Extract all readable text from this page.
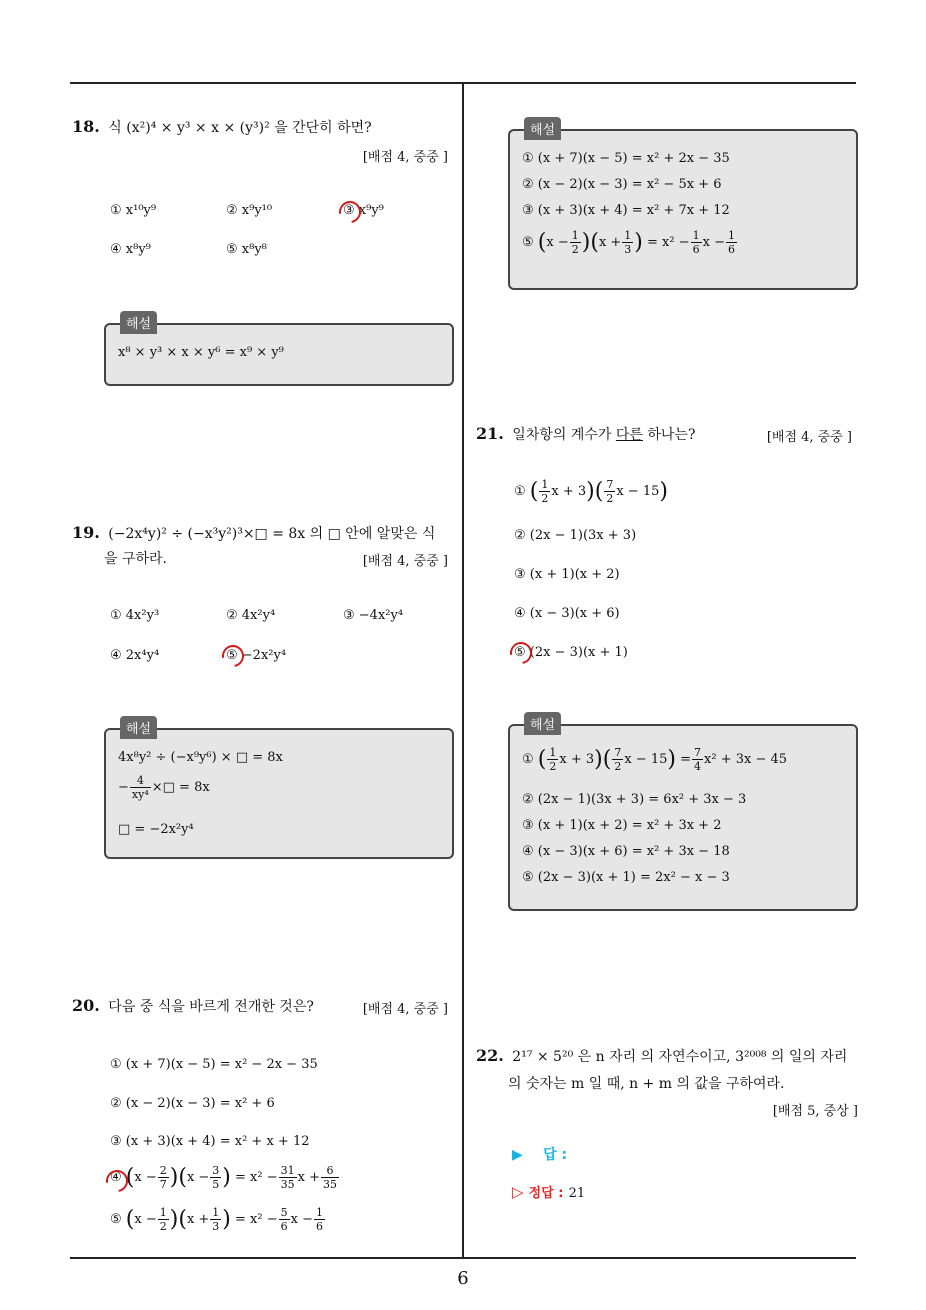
18. 식 (x²)⁴ × y³ × x × (y³)² 을 간단히 하면?
[배점 4, 중중 ]
① x¹⁰y⁹	② x⁹y¹⁰	③ x⁹y⁹
④ x⁸y⁹	⑤ x⁸y⁸
해설
x⁸ × y³ × x × y⁶ = x⁹ × y⁹
19. (−2x⁴y)² ÷ (−x³y²)³×□ = 8x 의 □ 안에 알맞은 식
을 구하라.	[배점 4, 중중 ]
① 4x²y³	② 4x²y⁴	③ −4x²y⁴
④ 2x⁴y⁴	⑤ −2x²y⁴
해설
4x⁸y² ÷ (−x⁹y⁶) × □ = 8x
− $\frac{4}{\text{xy⁴}}$ ×□ = 8x
□ = −2x²y⁴
20. 다음 중 식을 바르게 전개한 것은?	[배점 4, 중중 ]
① (x + 7)(x − 5) = x² − 2x − 35
② (x − 2)(x − 3) = x² + 6
③ (x + 3)(x + 4) = x² + x + 12
④ $(x - \frac{2}{7} )(x - \frac{3}{5}$ ) = $x^2 - \frac{31}{35}$ $x + \frac{6}{35}$
⑤ $(x - \frac{1}{2} )(x + \frac{1}{3}$ ) = $x^2 - \frac{5}{6}$ $x - \frac{1}{6}$
해설
① (x + 7)(x − 5) = x² + 2x − 35
② (x − 2)(x − 3) = x² − 5x + 6
③ (x + 3)(x + 4) = x² + 7x + 12
⑤ $(x - \frac{1}{2} )(x + \frac{1}{3}$ ) = $x^2 - \frac{1}{6}$ $x - \frac{1}{6}$
21. 일차항의 계수가 다른 하나는?	[배점 4, 중중 ]
① ( $\frac{1}{2}$ $x + 3)( \frac{7}{2}$ x − 15)
② (2x − 1)(3x + 3)
③ (x + 1)(x + 2)
④ (x − 3)(x + 6)
⑤ (2x − 3)(x + 1)
해설
① ( $\frac{1}{2}$ $x + 3)( \frac{7}{2}$ $x - 15) = \frac{7}{4} x^2 + 3x - 45$
② (2x − 1)(3x + 3) = 6x² + 3x − 3
③ (x + 1)(x + 2) = x² + 3x + 2
④ (x − 3)(x + 6) = x² + 3x − 18
⑤ (2x − 3)(x + 1) = 2x² − x − 3
22. 2¹⁷ × 5²⁰ 은 n 자리 의 자연수이고, 3²⁰⁰⁸ 의 일의 자리
의 숫자는 m 일 때, n + m 의 값을 구하여라.
[배점 5, 중상 ]
▶ 답 :
▷ 정답 : 21
6
